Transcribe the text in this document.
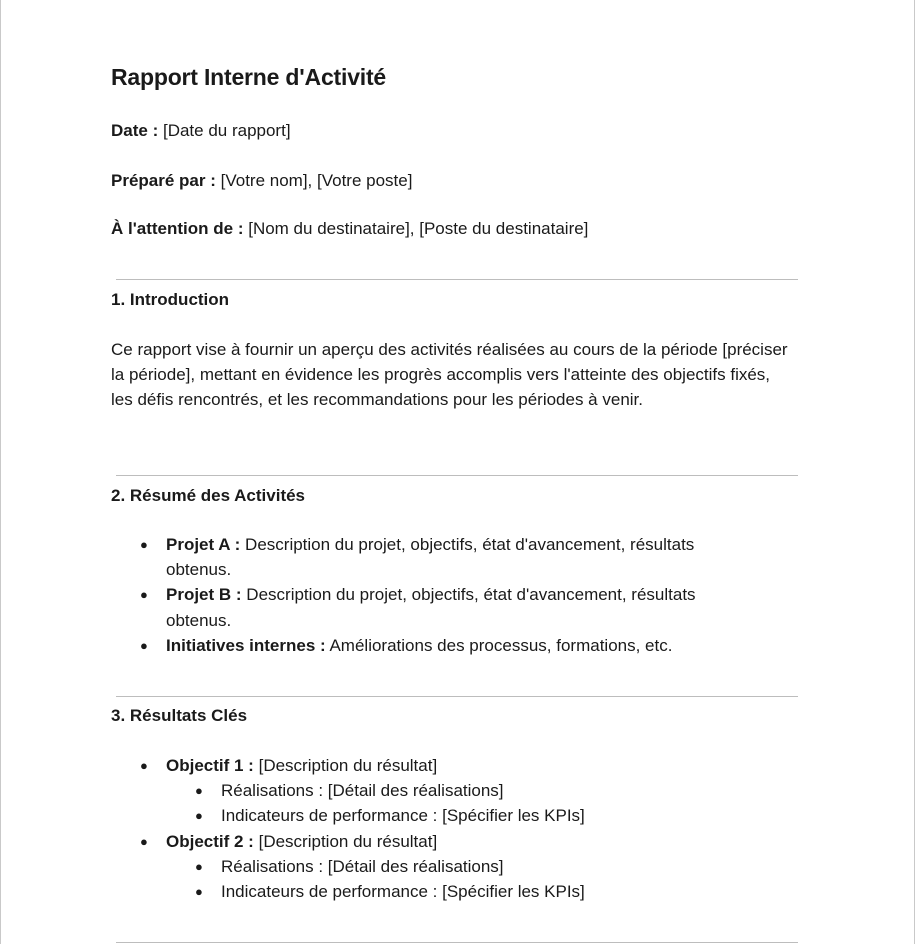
Rapport Interne d'Activité

Date : [Date du rapport]

Préparé par : [Votre nom], [Votre poste]

À l'attention de : [Nom du destinataire], [Poste du destinataire]

1. Introduction

Ce rapport vise à fournir un aperçu des activités réalisées au cours de la période [préciser la période], mettant en évidence les progrès accomplis vers l'atteinte des objectifs fixés, les défis rencontrés, et les recommandations pour les périodes à venir.

2. Résumé des Activités
● Projet A : Description du projet, objectifs, état d'avancement, résultats obtenus.
● Projet B : Description du projet, objectifs, état d'avancement, résultats obtenus.
● Initiatives internes : Améliorations des processus, formations, etc.
3. Résultats Clés
● Objectif 1 : [Description du résultat]
● Réalisations : [Détail des réalisations]
● Indicateurs de performance : [Spécifier les KPIs]
● Objectif 2 : [Description du résultat]
● Réalisations : [Détail des réalisations]
● Indicateurs de performance : [Spécifier les KPIs]
